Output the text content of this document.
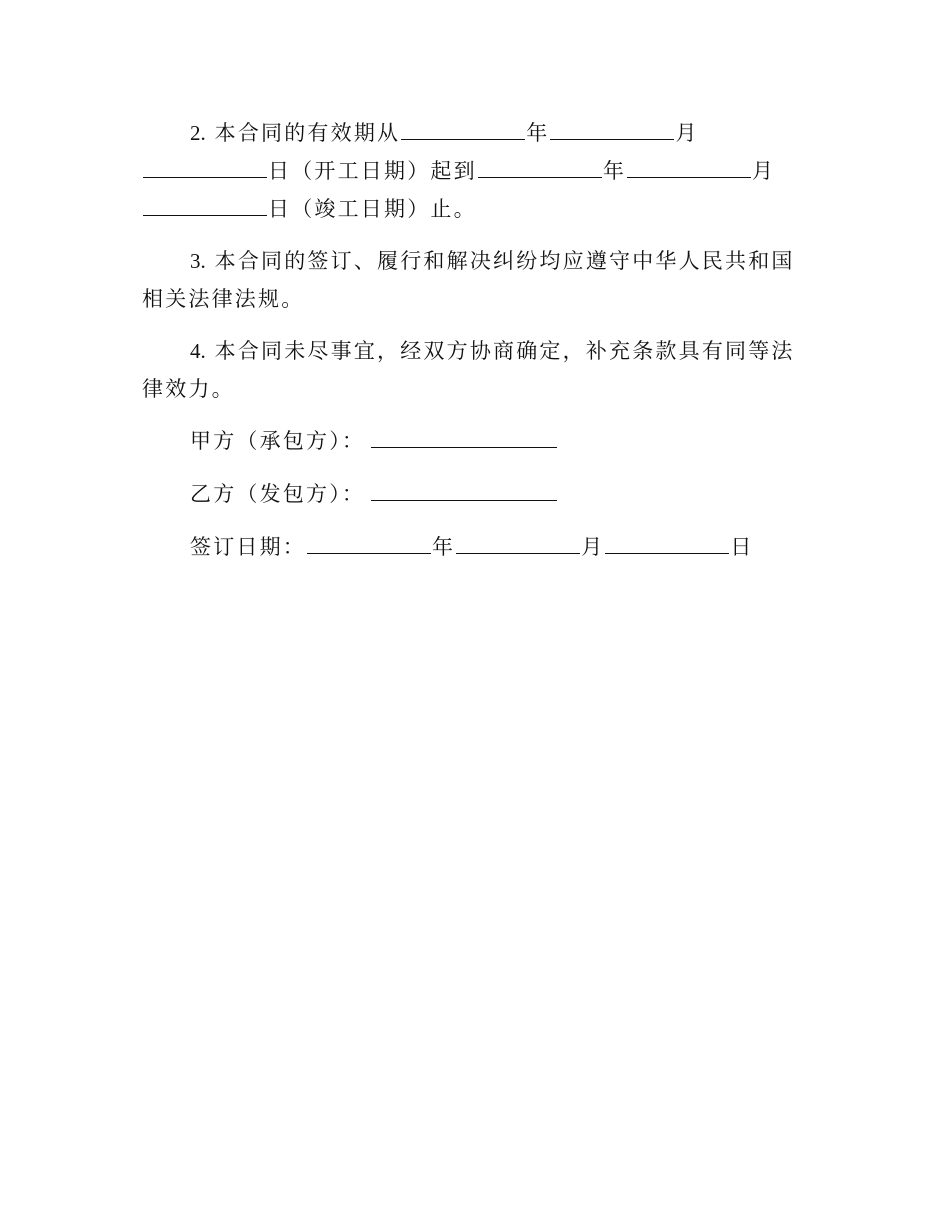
2. 本合同的有效期从	年	月日（开工日期）起到	年	月日（竣工日期）止。

3. 本合同的签订、履行和解决纠纷均应遵守中华人民共和国相关法律法规。

4. 本合同未尽事宜，经双方协商确定，补充条款具有同等法律效力。

甲方（承包方）：

乙方（发包方）：

签订日期：	年	月	日
